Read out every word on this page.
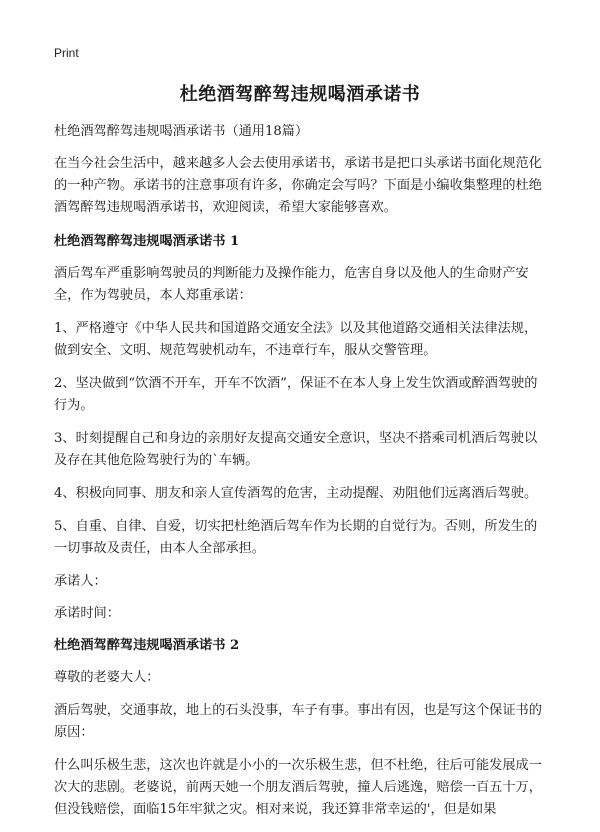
Print
杜绝酒驾醉驾违规喝酒承诺书

杜绝酒驾醉驾违规喝酒承诺书（通用18篇）

在当今社会生活中，越来越多人会去使用承诺书，承诺书是把口头承诺书面化规范化的一种产物。承诺书的注意事项有许多，你确定会写吗？下面是小编收集整理的杜绝酒驾醉驾违规喝酒承诺书，欢迎阅读，希望大家能够喜欢。

杜绝酒驾醉驾违规喝酒承诺书 1

酒后驾车严重影响驾驶员的判断能力及操作能力，危害自身以及他人的生命财产安全，作为驾驶员，本人郑重承诺：

1、严格遵守《中华人民共和国道路交通安全法》以及其他道路交通相关法律法规，做到安全、文明、规范驾驶机动车，不违章行车，服从交警管理。

2、坚决做到“饮酒不开车，开车不饮酒”，保证不在本人身上发生饮酒或醉酒驾驶的行为。

3、时刻提醒自己和身边的亲朋好友提高交通安全意识，坚决不搭乘司机酒后驾驶以及存在其他危险驾驶行为的`车辆。

4、积极向同事、朋友和亲人宣传酒驾的危害，主动提醒、劝阻他们远离酒后驾驶。

5、自重、自律、自爱，切实把杜绝酒后驾车作为长期的自觉行为。否则，所发生的一切事故及责任，由本人全部承担。

承诺人：

承诺时间：

杜绝酒驾醉驾违规喝酒承诺书 2

尊敬的老婆大人：

酒后驾驶，交通事故，地上的石头没事，车子有事。事出有因，也是写这个保证书的原因：

什么叫乐极生悲，这次也许就是小小的一次乐极生悲，但不杜绝，往后可能发展成一次大的悲剧。老婆说，前两天她一个朋友酒后驾驶，撞人后逃逸，赔偿一百五十万，但没钱赔偿，面临15年牢狱之灾。相对来说，我还算非常幸运的'，但是如果
